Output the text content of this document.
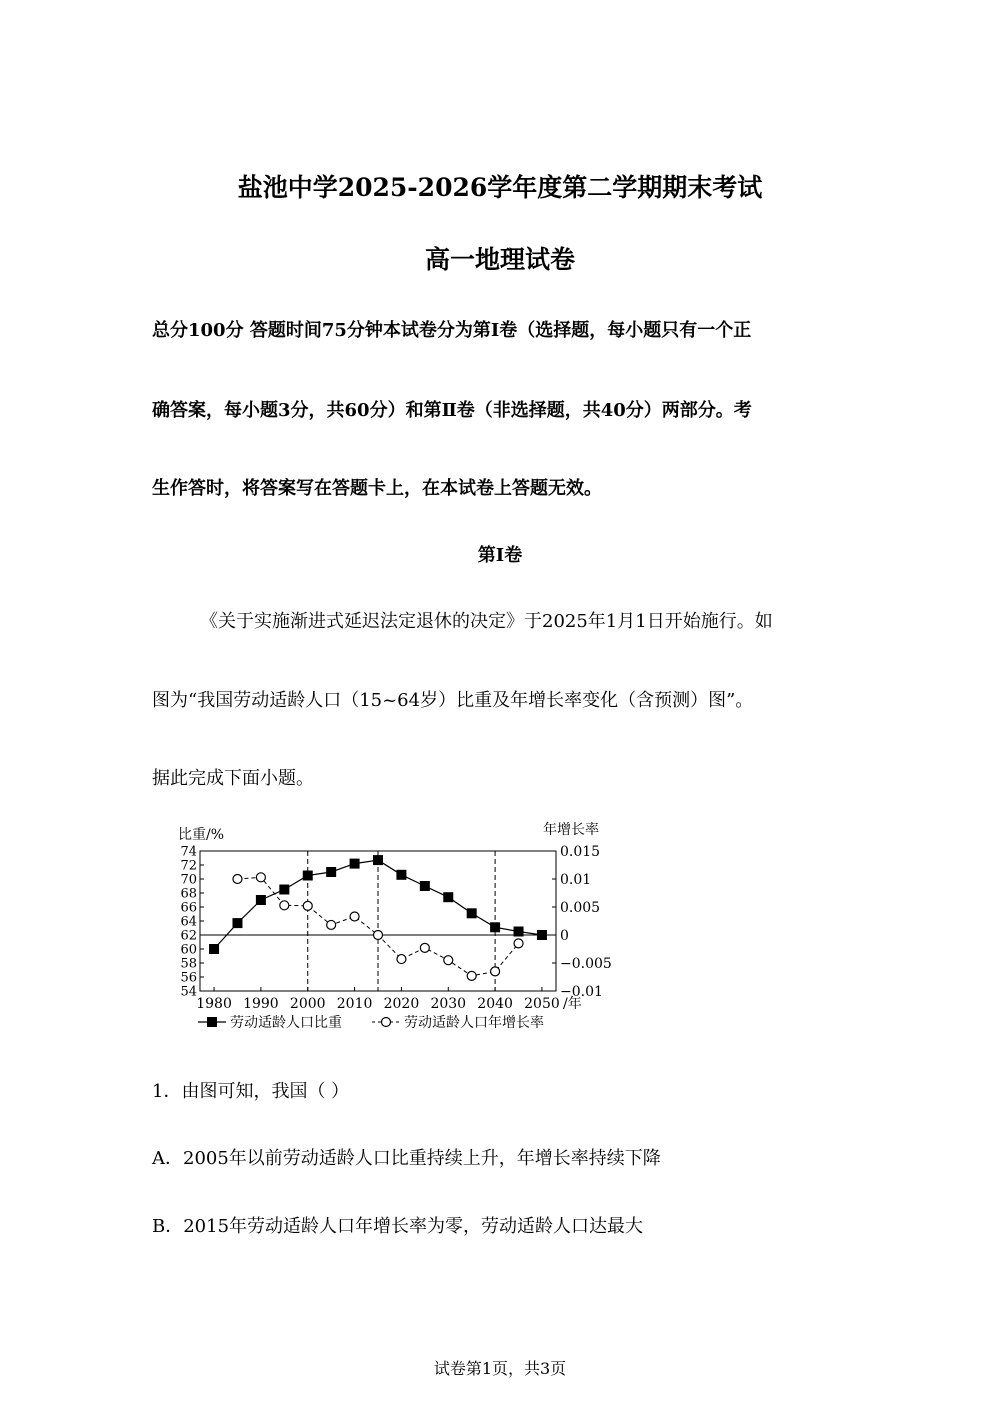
盐池中学2025-2026学年度第二学期期末考试
高一地理试卷
总分100分 答题时间75分钟本试卷分为第Ⅰ卷（选择题，每小题只有一个正
确答案，每小题3分，共60分）和第Ⅱ卷（非选择题，共40分）两部分。考
生作答时，将答案写在答题卡上，在本试卷上答题无效。
第Ⅰ卷
《关于实施渐进式延迟法定退休的决定》于2025年1月1日开始施行。如
图为“我国劳动适龄人口（15~64岁）比重及年增长率变化（含预测）图”。
据此完成下面小题。
54
56
58
60
62
64
66
68
70
72
74	0.015
0.01
0.005
0
−0.005
−0.01
1980 1990 2000 2010 2020 2030 2040 2050
比重/%	年增长率
/年
劳动适龄人口比重	劳动适龄人口年增长率
1．由图可知，我国（ ）
A．2005年以前劳动适龄人口比重持续上升，年增长率持续下降
B．2015年劳动适龄人口年增长率为零，劳动适龄人口达最大
试卷第1页，共3页
